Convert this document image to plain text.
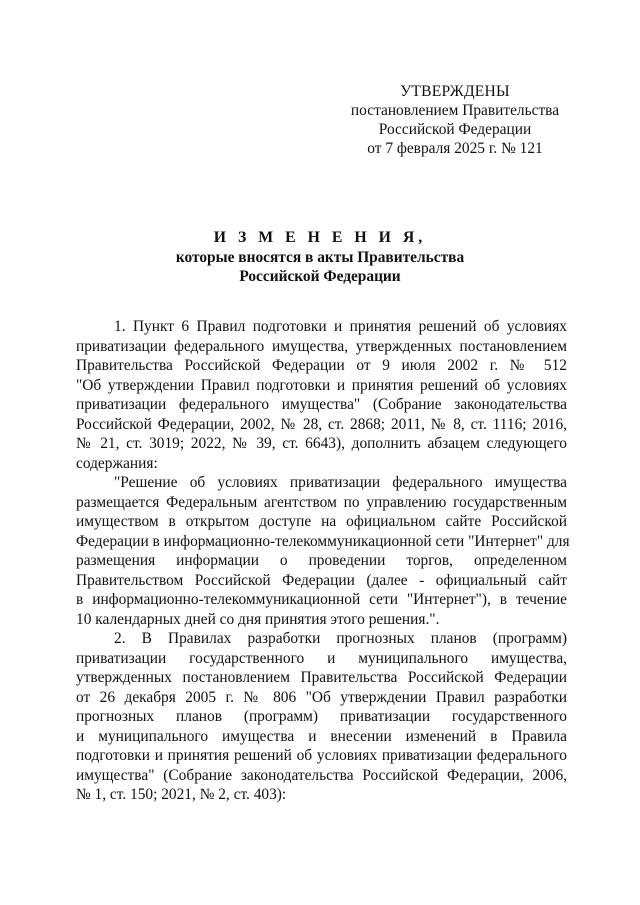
УТВЕРЖДЕНЫ
постановлением Правительства
Российской Федерации
от 7 февраля 2025 г. № 121
И З М Е Н Е Н И Я,
которые вносятся в акты Правительства
Российской Федерации
1. Пункт 6 Правил подготовки и принятия решений об условиях
приватизации федерального имущества, утвержденных постановлением
Правительства Российской Федерации от 9 июля 2002 г. № 512
"Об утверждении Правил подготовки и принятия решений об условиях
приватизации федерального имущества" (Собрание законодательства
Российской Федерации, 2002, № 28, ст. 2868; 2011, № 8, ст. 1116; 2016,
№ 21, ст. 3019; 2022, № 39, ст. 6643), дополнить абзацем следующего
содержания:
"Решение об условиях приватизации федерального имущества
размещается Федеральным агентством по управлению государственным
имуществом в открытом доступе на официальном сайте Российской
Федерации в информационно-телекоммуникационной сети "Интернет" для
размещения информации о проведении торгов, определенном
Правительством Российской Федерации (далее - официальный сайт
в информационно-телекоммуникационной сети "Интернет"), в течение
10 календарных дней со дня принятия этого решения.".
2. В Правилах разработки прогнозных планов (программ)
приватизации государственного и муниципального имущества,
утвержденных постановлением Правительства Российской Федерации
от 26 декабря 2005 г. № 806 "Об утверждении Правил разработки
прогнозных планов (программ) приватизации государственного
и муниципального имущества и внесении изменений в Правила
подготовки и принятия решений об условиях приватизации федерального
имущества" (Собрание законодательства Российской Федерации, 2006,
№ 1, ст. 150; 2021, № 2, ст. 403):
